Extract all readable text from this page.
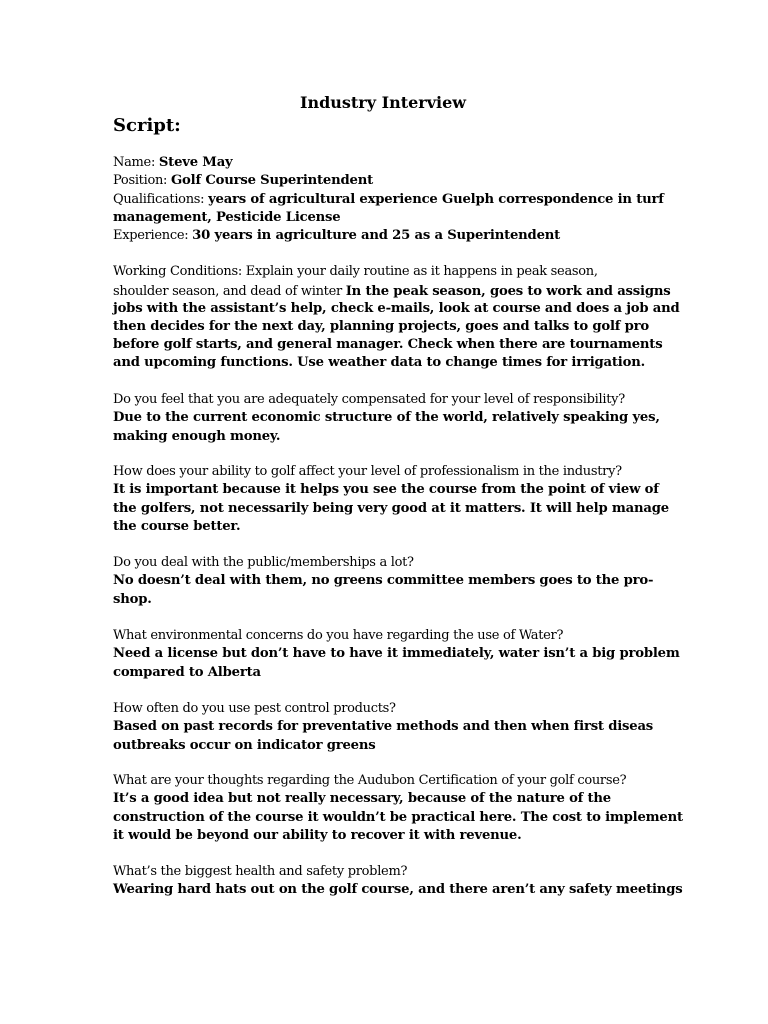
Industry Interview
Script:
Name: Steve May
Position: Golf Course Superintendent
Qualifications: years of agricultural experience Guelph correspondence in turf
management, Pesticide License
Experience: 30 years in agriculture and 25 as a Superintendent
Working Conditions: Explain your daily routine as it happens in peak season,
shoulder season, and dead of winter In the peak season, goes to work and assigns
jobs with the assistant’s help, check e-mails, look at course and does a job and
then decides for the next day, planning projects, goes and talks to golf pro
before golf starts, and general manager. Check when there are tournaments
and upcoming functions. Use weather data to change times for irrigation.
Do you feel that you are adequately compensated for your level of responsibility?
Due to the current economic structure of the world, relatively speaking yes,
making enough money.
How does your ability to golf affect your level of professionalism in the industry?
It is important because it helps you see the course from the point of view of
the golfers, not necessarily being very good at it matters. It will help manage
the course better.
Do you deal with the public/memberships a lot?
No doesn’t deal with them, no greens committee members goes to the pro-
shop.
What environmental concerns do you have regarding the use of Water?
Need a license but don’t have to have it immediately, water isn’t a big problem
compared to Alberta
How often do you use pest control products?
Based on past records for preventative methods and then when first diseas
outbreaks occur on indicator greens
What are your thoughts regarding the Audubon Certification of your golf course?
It’s a good idea but not really necessary, because of the nature of the
construction of the course it wouldn’t be practical here. The cost to implement
it would be beyond our ability to recover it with revenue.
What’s the biggest health and safety problem?
Wearing hard hats out on the golf course, and there aren’t any safety meetings
